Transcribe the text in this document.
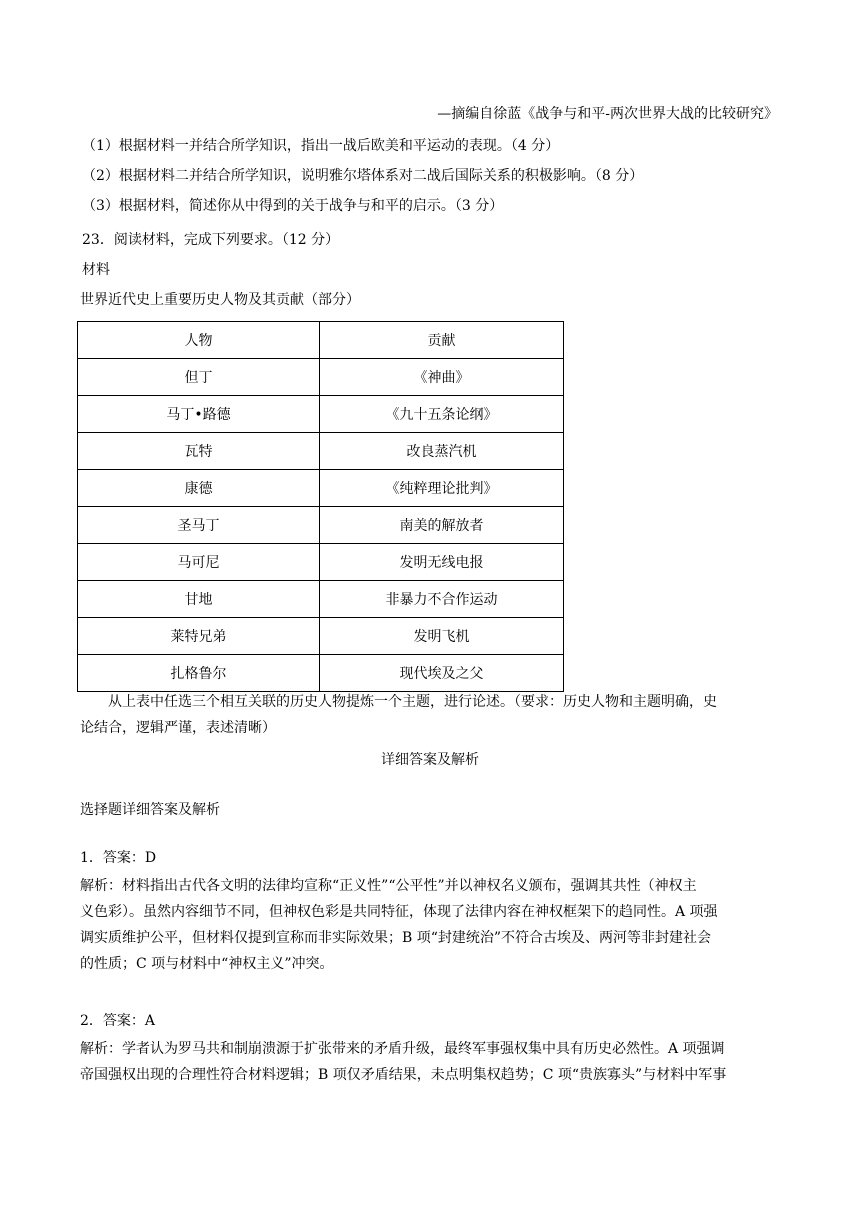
—摘编自徐蓝《战争与和平-两次世界大战的比较研究》
（1）根据材料一并结合所学知识，指出一战后欧美和平运动的表现。（4 分）
（2）根据材料二并结合所学知识，说明雅尔塔体系对二战后国际关系的积极影响。（8 分）
（3）根据材料，简述你从中得到的关于战争与和平的启示。（3 分）
23．阅读材料，完成下列要求。（12 分）
材料
世界近代史上重要历史人物及其贡献（部分）
人物	贡献
但丁	《神曲》
马丁•路德	《九十五条论纲》
瓦特	改良蒸汽机
康德	《纯粹理论批判》
圣马丁	南美的解放者
马可尼	发明无线电报
甘地	非暴力不合作运动
莱特兄弟	发明飞机
扎格鲁尔	现代埃及之父
从上表中任选三个相互关联的历史人物提炼一个主题，进行论述。（要求：历史人物和主题明确，史
论结合，逻辑严谨，表述清晰）
详细答案及解析
选择题详细答案及解析
1．答案：D
解析：材料指出古代各文明的法律均宣称“正义性”“公平性”并以神权名义颁布，强调其共性（神权主
义色彩）。虽然内容细节不同，但神权色彩是共同特征，体现了法律内容在神权框架下的趋同性。A 项强
调实质维护公平，但材料仅提到宣称而非实际效果；B 项“封建统治”不符合古埃及、两河等非封建社会
的性质；C 项与材料中“神权主义”冲突。
2．答案：A
解析：学者认为罗马共和制崩溃源于扩张带来的矛盾升级，最终军事强权集中具有历史必然性。A 项强调
帝国强权出现的合理性符合材料逻辑；B 项仅矛盾结果，未点明集权趋势；C 项“贵族寡头”与材料中军事
